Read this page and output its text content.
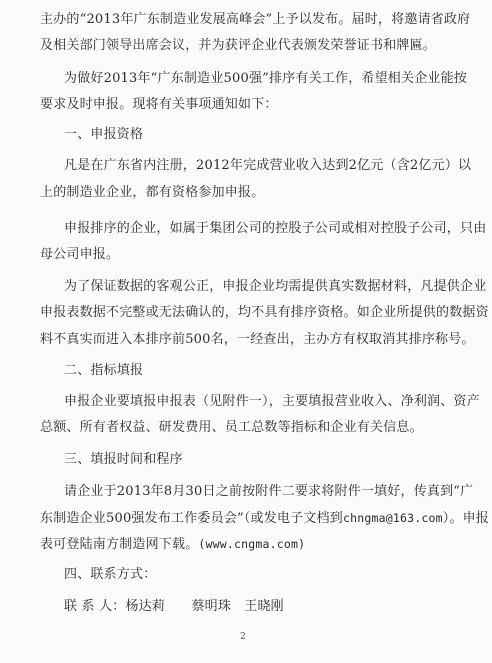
主办的“2013年广东制造业发展高峰会”上予以发布。届时，将邀请省政府
及相关部门领导出席会议，并为获评企业代表颁发荣誉证书和牌匾。
为做好2013年“广东制造业500强”排序有关工作，希望相关企业能按
要求及时申报。现将有关事项通知如下：
一、申报资格
凡是在广东省内注册，2012年完成营业收入达到2亿元（含2亿元）以
上的制造业企业，都有资格参加申报。
申报排序的企业，如属于集团公司的控股子公司或相对控股子公司，只由
母公司申报。
为了保证数据的客观公正，申报企业均需提供真实数据材料，凡提供企业
申报表数据不完整或无法确认的，均不具有排序资格。如企业所提供的数据资
料不真实而进入本排序前500名，一经查出，主办方有权取消其排序称号。
二、指标填报
申报企业要填报申报表（见附件一），主要填报营业收入、净利润、资产
总额、所有者权益、研发费用、员工总数等指标和企业有关信息。
三、填报时间和程序
请企业于2013年8月30日之前按附件二要求将附件一填好，传真到“广
东制造企业500强发布工作委员会”（或发电子文档到chngma@163.com）。申报
表可登陆南方制造网下载。(www.cngma.com)
四、联系方式：
联 系 人：杨达莉　　蔡明珠　王晓刚
2
